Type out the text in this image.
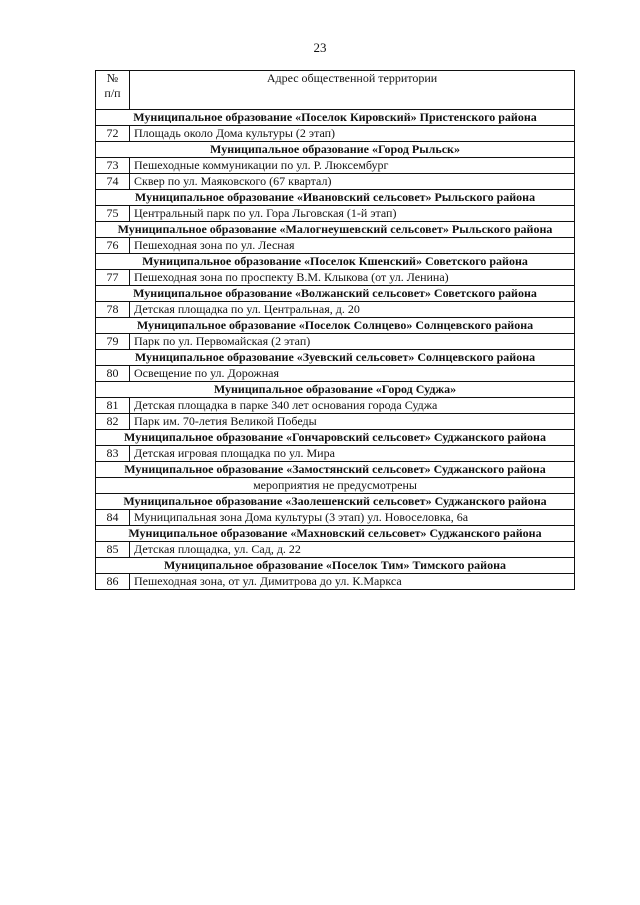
23
№
п/п	Адрес общественной территории
Муниципальное образование «Поселок Кировский» Пристенского района	
72	Площадь около Дома культуры (2 этап)
Муниципальное образование «Город Рыльск»	
73	Пешеходные коммуникации по ул. Р. Люксембург
74	Сквер по ул. Маяковского (67 квартал)
Муниципальное образование «Ивановский сельсовет» Рыльского района	
75	Центральный парк по ул. Гора Льговская (1-й этап)
Муниципальное образование «Малогнеушевский сельсовет» Рыльского района	
76	Пешеходная зона по ул. Лесная
Муниципальное образование «Поселок Кшенский» Советского района	
77	Пешеходная зона по проспекту В.М. Клыкова (от ул. Ленина)
Муниципальное образование «Волжанский сельсовет» Советского района	
78	Детская площадка по ул. Центральная, д. 20
Муниципальное образование «Поселок Солнцево» Солнцевского района	
79	Парк по ул. Первомайская (2 этап)
Муниципальное образование «Зуевский сельсовет» Солнцевского района	
80	Освещение по ул. Дорожная
Муниципальное образование «Город Суджа»	
81	Детская площадка в парке 340 лет основания города Суджа
82	Парк им. 70-летия Великой Победы
Муниципальное образование «Гончаровский сельсовет» Суджанского района	
83	Детская игровая площадка по ул. Мира
Муниципальное образование «Замостянский сельсовет» Суджанского района	
мероприятия не предусмотрены	
Муниципальное образование «Заолешенский сельсовет» Суджанского района	
84	Муниципальная зона Дома культуры (3 этап) ул. Новоселовка, 6а
Муниципальное образование «Махновский сельсовет» Суджанского района	
85	Детская площадка, ул. Сад, д. 22
Муниципальное образование «Поселок Тим» Тимского района	
86	Пешеходная зона, от ул. Димитрова до ул. К.Маркса
